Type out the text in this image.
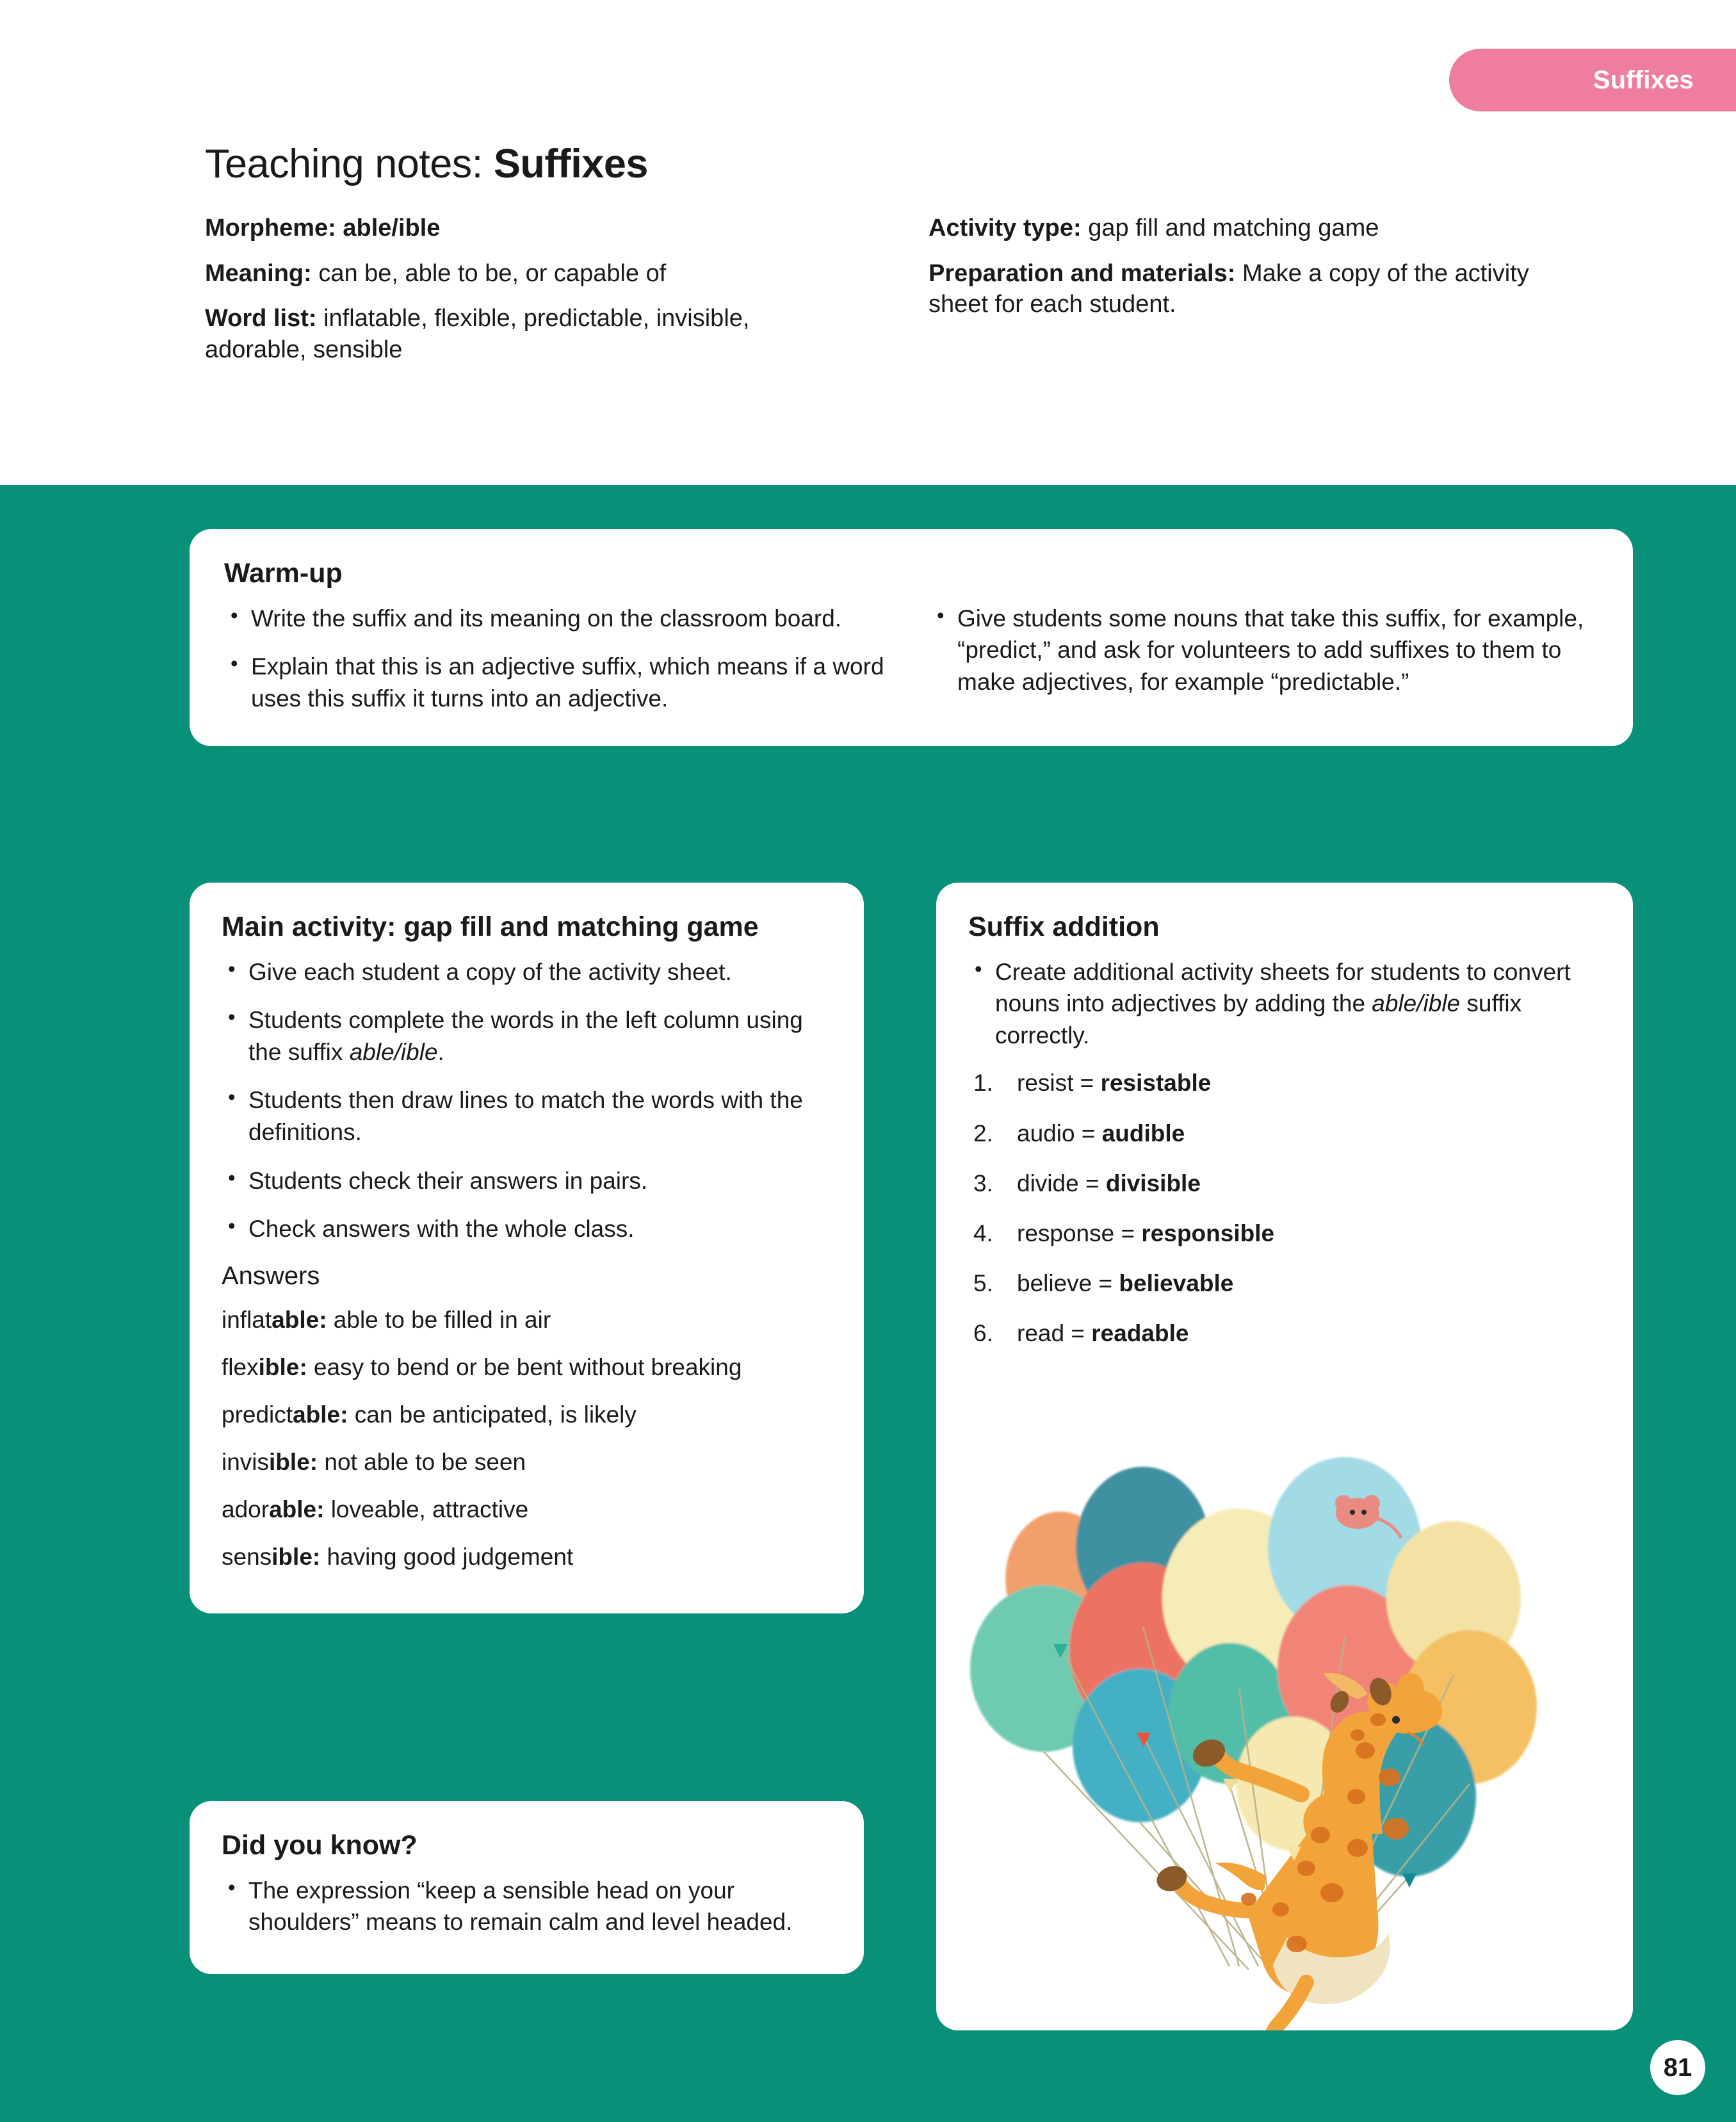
Teaching notes: Suffixes
Morpheme: able/ible
Meaning: can be, able to be, or capable of
Word list: inflatable, flexible, predictable, invisible, adorable, sensible
Activity type: gap fill and matching game
Preparation and materials: Make a copy of the activity sheet for each student.
Suffixes
Warm-up
• Write the suffix and its meaning on the classroom board.
• Explain that this is an adjective suffix, which means if a word uses this suffix it turns into an adjective.
• Give students some nouns that take this suffix, for example, “predict,” and ask for volunteers to add suffixes to them to make adjectives, for example “predictable.”
Main activity: gap fill and matching game
• Give each student a copy of the activity sheet.
• Students complete the words in the left column using the suffix able/ible.
• Students then draw lines to match the words with the definitions.
• Students check their answers in pairs.
• Check answers with the whole class.
Answers
inflatable: able to be filled in air
flexible: easy to bend or be bent without breaking
predictable: can be anticipated, is likely
invisible: not able to be seen
adorable: loveable, attractive
sensible: having good judgement
Suffix addition
• Create additional activity sheets for students to convert nouns into adjectives by adding the able/ible suffix correctly.
resist = resistable
audio = audible
divide = divisible
response = responsible
believe = believable
read = readable
Did you know?
• The expression “keep a sensible head on your shoulders” means to remain calm and level headed.
81
